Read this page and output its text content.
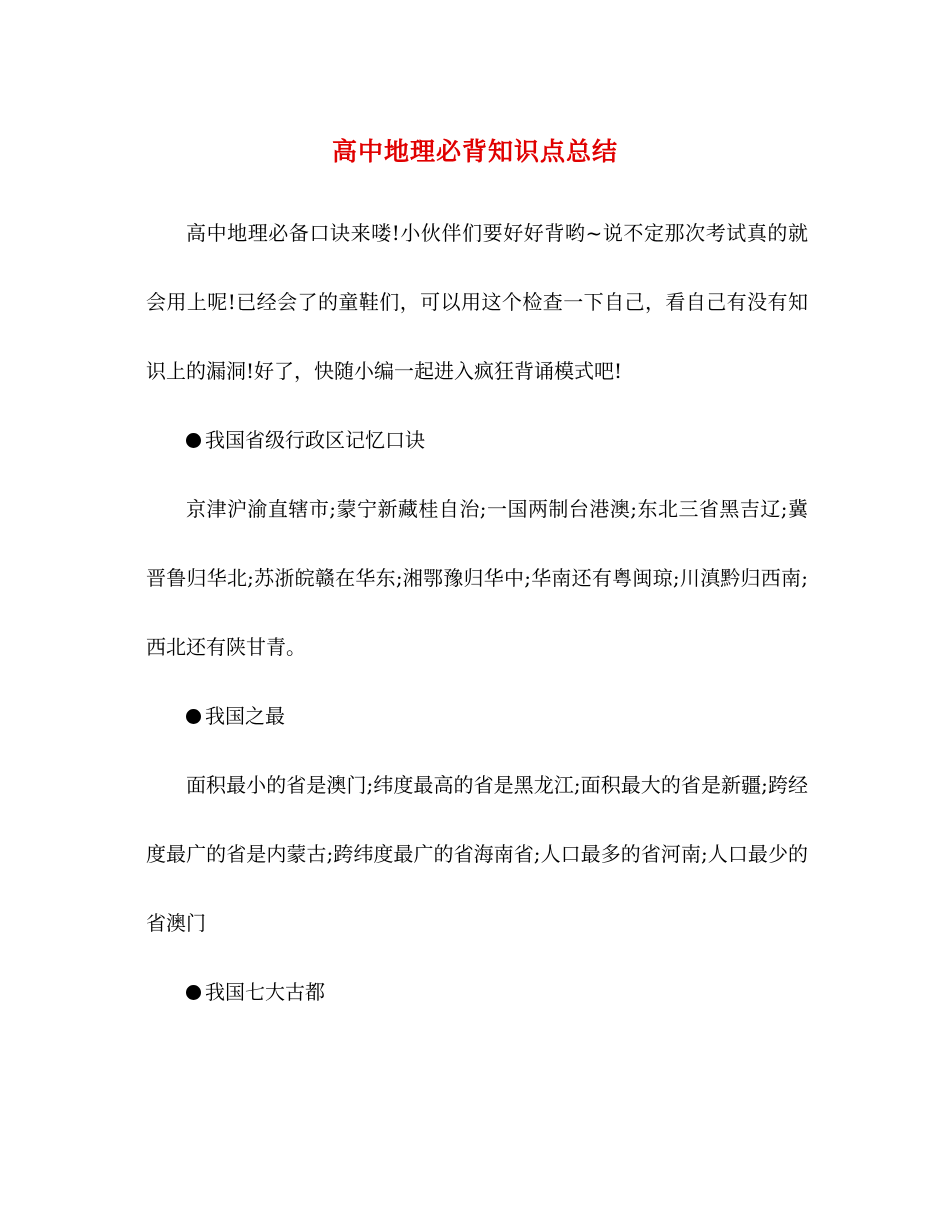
高中地理必背知识点总结

高中地理必备口诀来喽!小伙伴们要好好背哟~说不定那次考试真的就会用上呢!已经会了的童鞋们，可以用这个检查一下自己，看自己有没有知识上的漏洞!好了，快随小编一起进入疯狂背诵模式吧!

我国省级行政区记忆口诀

京津沪渝直辖市;蒙宁新藏桂自治;一国两制台港澳;东北三省黑吉辽;冀晋鲁归华北;苏浙皖赣在华东;湘鄂豫归华中;华南还有粤闽琼;川滇黔归西南;西北还有陕甘青。

我国之最

面积最小的省是澳门;纬度最高的省是黑龙江;面积最大的省是新疆;跨经度最广的省是内蒙古;跨纬度最广的省海南省;人口最多的省河南;人口最少的省澳门

我国七大古都
